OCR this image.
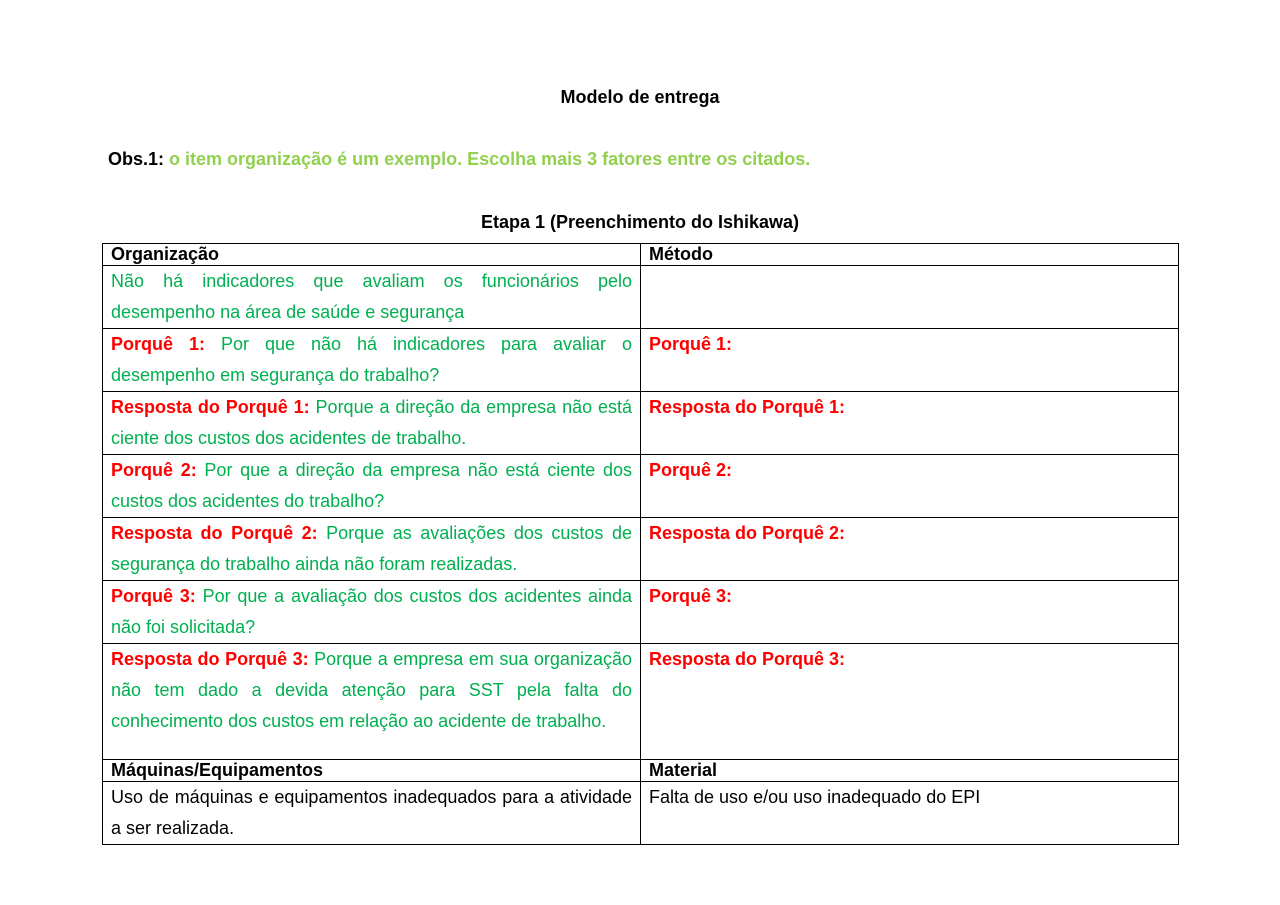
Modelo de entrega
Obs.1: o item organização é um exemplo. Escolha mais 3 fatores entre os citados.
Etapa 1 (Preenchimento do Ishikawa)
Organização	Método
Não há indicadores que avaliam os funcionários pelo desempenho na área de saúde e segurança	
Porquê 1: Por que não há indicadores para avaliar o desempenho em segurança do trabalho?	Porquê 1:
Resposta do Porquê 1: Porque a direção da empresa não está ciente dos custos dos acidentes de trabalho.	Resposta do Porquê 1:
Porquê 2: Por que a direção da empresa não está ciente dos custos dos acidentes do trabalho?	Porquê 2:
Resposta do Porquê 2: Porque as avaliações dos custos de segurança do trabalho ainda não foram realizadas.	Resposta do Porquê 2:
Porquê 3: Por que a avaliação dos custos dos acidentes ainda não foi solicitada?	Porquê 3:
Resposta do Porquê 3: Porque a empresa em sua organização não tem dado a devida atenção para SST pela falta do conhecimento dos custos em relação ao acidente de trabalho.	Resposta do Porquê 3:
Máquinas/Equipamentos	Material
Uso de máquinas e equipamentos inadequados para a atividade a ser realizada.	Falta de uso e/ou uso inadequado do EPI
